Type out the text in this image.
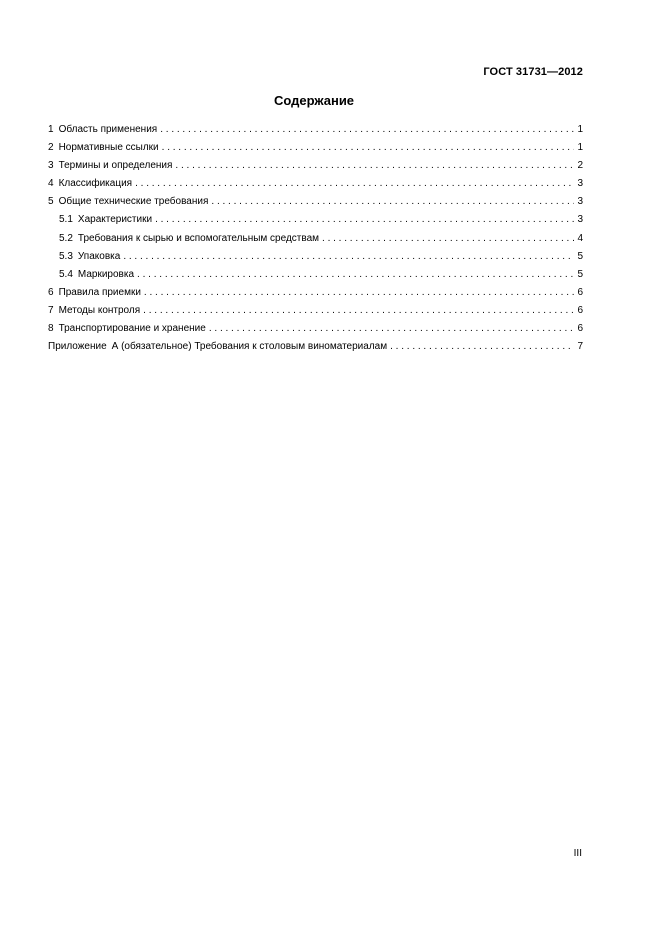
ГОСТ 31731—2012
Содержание
1 Область применения . . .	1
2 Нормативные ссылки . . .	1
3 Термины и определения . . .	2
4 Классификация . . .	3
5 Общие технические требования . . .	3
5.1 Характеристики . . .	3
5.2 Требования к сырью и вспомогательным средствам . . .	4
5.3 Упаковка . . .	5
5.4 Маркировка . . .	5
6 Правила приемки . . .	6
7 Методы контроля . . .	6
8 Транспортирование и хранение . . .	6
Приложение А (обязательное) Требования к столовым виноматериалам . . .	7
III
